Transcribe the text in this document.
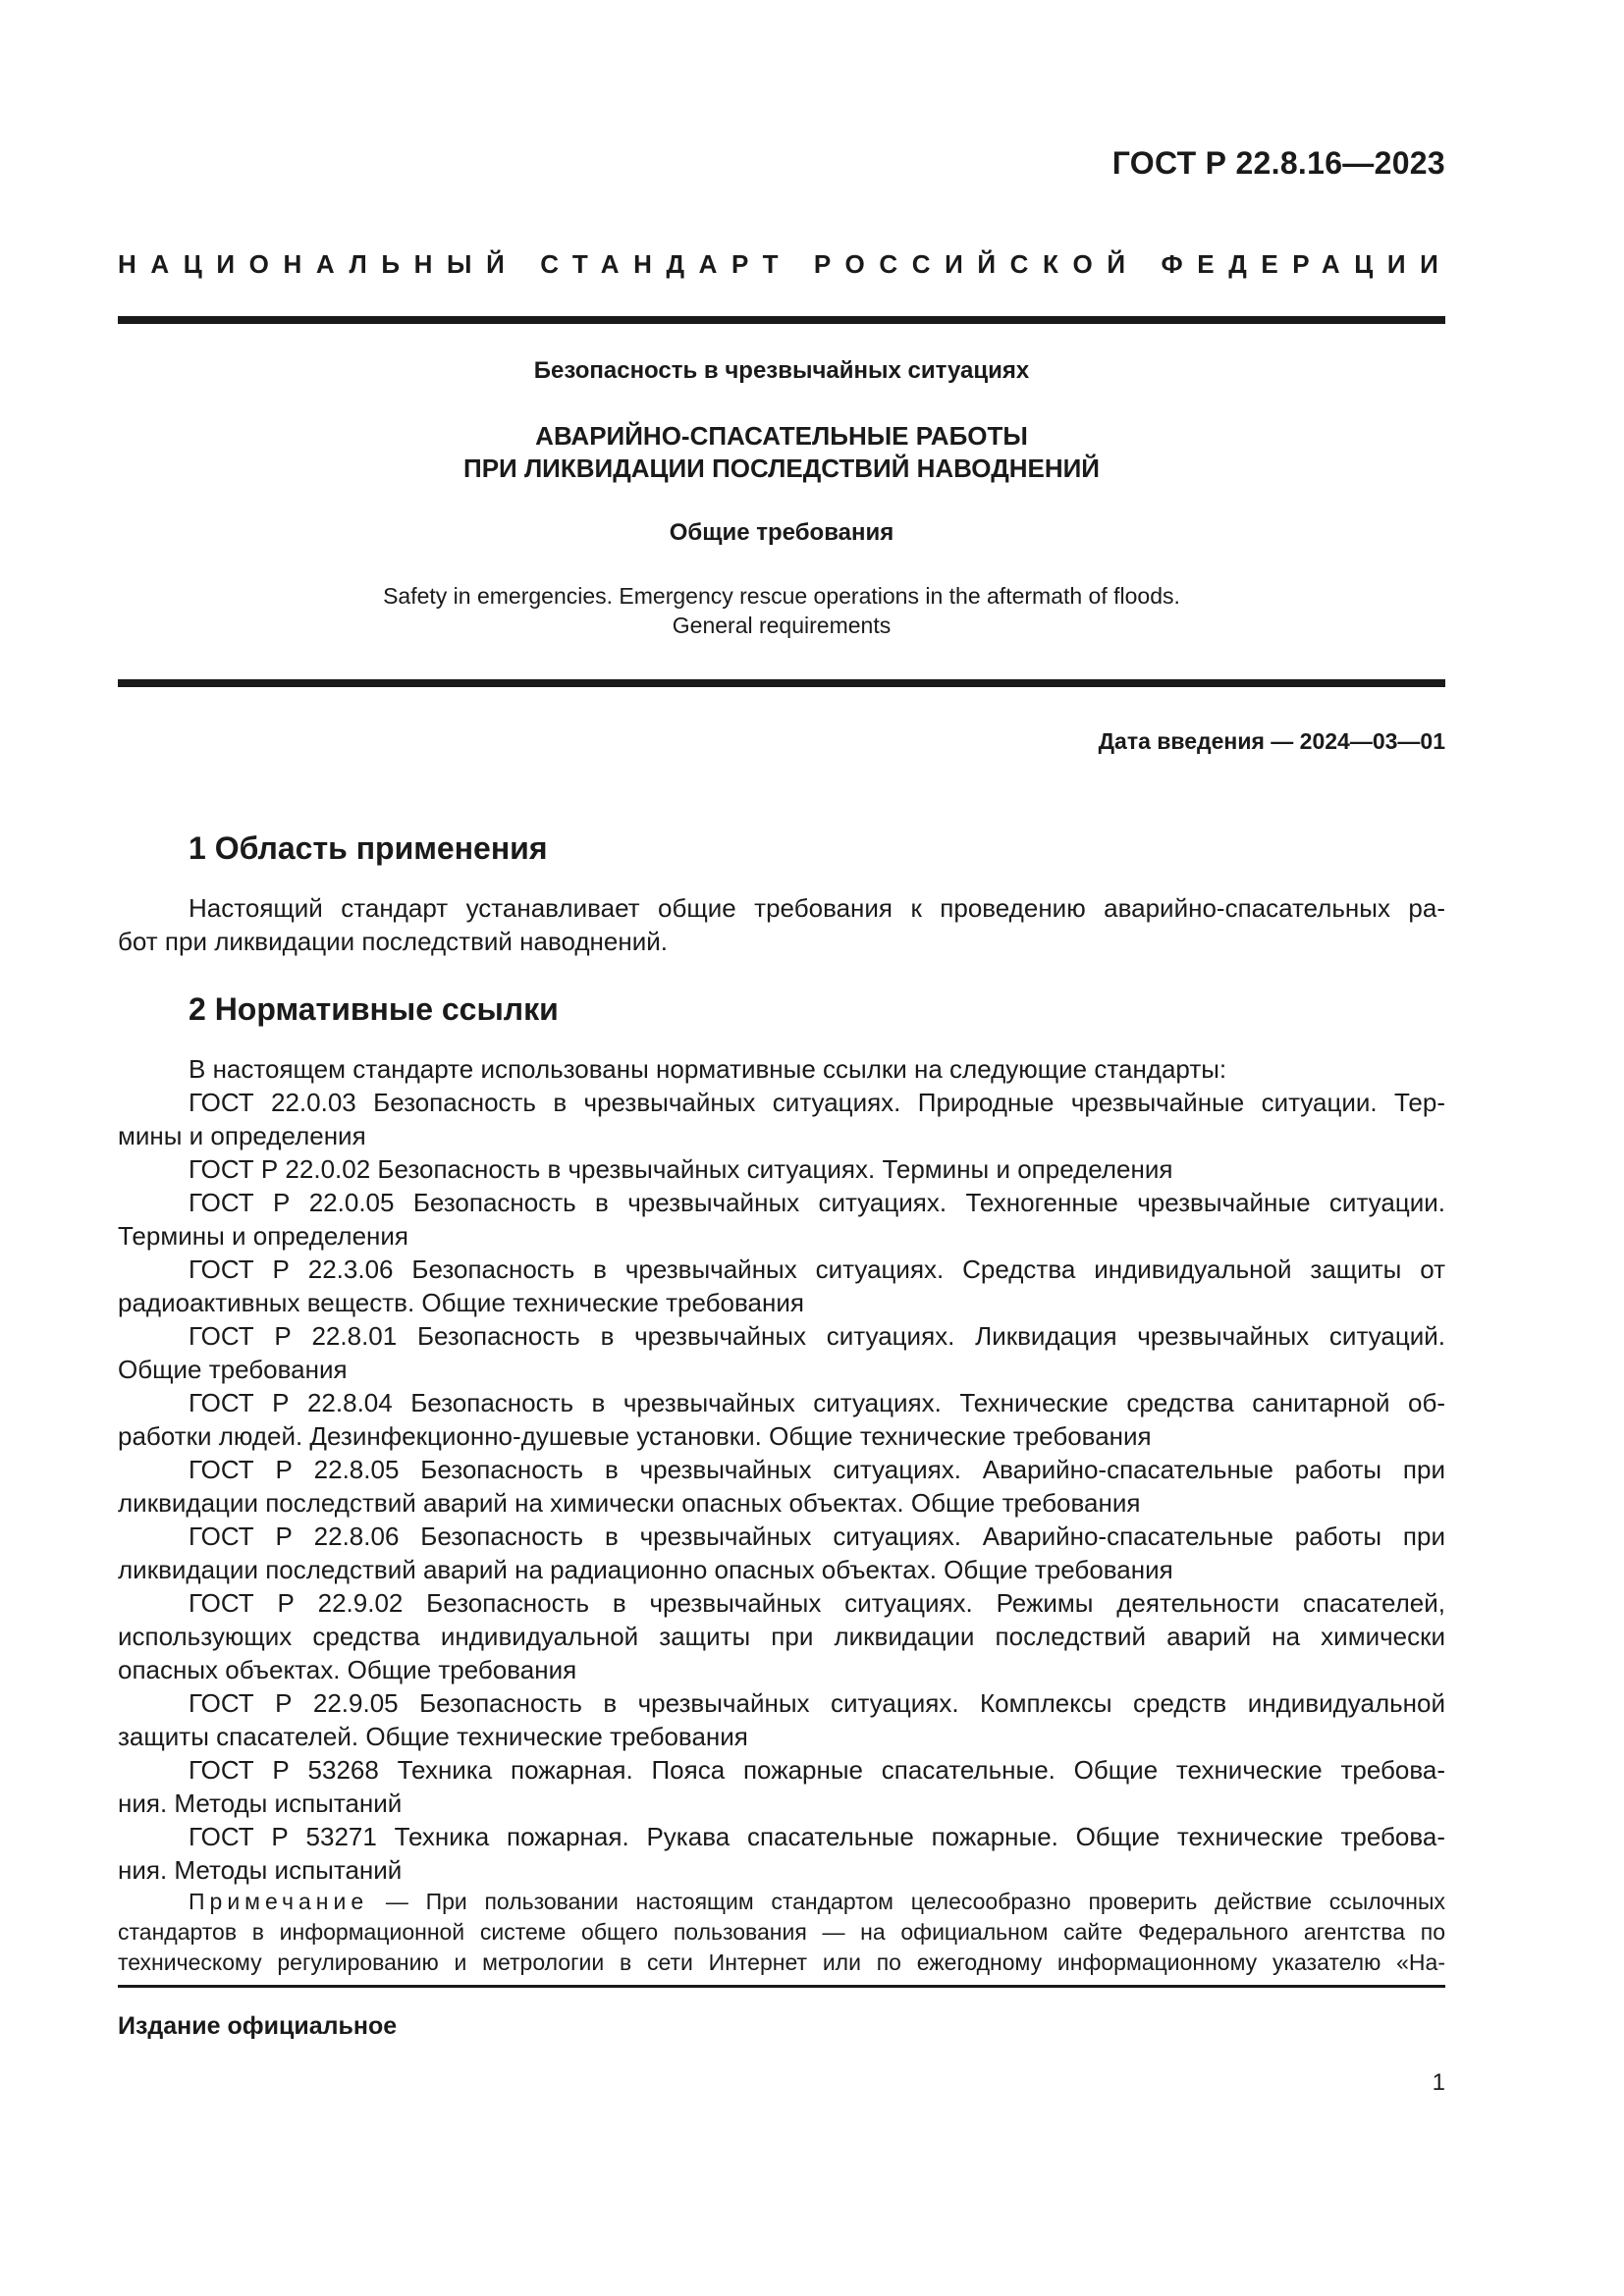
ГОСТ Р 22.8.16—2023
НАЦИОНАЛЬНЫЙ СТАНДАРТ РОССИЙСКОЙ ФЕДЕРАЦИИ
Безопасность в чрезвычайных ситуациях
АВАРИЙНО-СПАСАТЕЛЬНЫЕ РАБОТЫ
ПРИ ЛИКВИДАЦИИ ПОСЛЕДСТВИЙ НАВОДНЕНИЙ
Общие требования
Safety in emergencies. Emergency rescue operations in the aftermath of floods.
General requirements
Дата введения — 2024—03—01
1 Область применения
Настоящий стандарт устанавливает общие требования к проведению аварийно-спасательных ра-
бот при ликвидации последствий наводнений.
2 Нормативные ссылки
В настоящем стандарте использованы нормативные ссылки на следующие стандарты:
ГОСТ 22.0.03 Безопасность в чрезвычайных ситуациях. Природные чрезвычайные ситуации. Тер-
мины и определения
ГОСТ Р 22.0.02 Безопасность в чрезвычайных ситуациях. Термины и определения
ГОСТ Р 22.0.05 Безопасность в чрезвычайных ситуациях. Техногенные чрезвычайные ситуации.
Термины и определения
ГОСТ Р 22.3.06 Безопасность в чрезвычайных ситуациях. Средства индивидуальной защиты от
радиоактивных веществ. Общие технические требования
ГОСТ Р 22.8.01 Безопасность в чрезвычайных ситуациях. Ликвидация чрезвычайных ситуаций.
Общие требования
ГОСТ Р 22.8.04 Безопасность в чрезвычайных ситуациях. Технические средства санитарной об-
работки людей. Дезинфекционно-душевые установки. Общие технические требования
ГОСТ Р 22.8.05 Безопасность в чрезвычайных ситуациях. Аварийно-спасательные работы при
ликвидации последствий аварий на химически опасных объектах. Общие требования
ГОСТ Р 22.8.06 Безопасность в чрезвычайных ситуациях. Аварийно-спасательные работы при
ликвидации последствий аварий на радиационно опасных объектах. Общие требования
ГОСТ Р 22.9.02 Безопасность в чрезвычайных ситуациях. Режимы деятельности спасателей,
использующих средства индивидуальной защиты при ликвидации последствий аварий на химически
опасных объектах. Общие требования
ГОСТ Р 22.9.05 Безопасность в чрезвычайных ситуациях. Комплексы средств индивидуальной
защиты спасателей. Общие технические требования
ГОСТ Р 53268 Техника пожарная. Пояса пожарные спасательные. Общие технические требова-
ния. Методы испытаний
ГОСТ Р 53271 Техника пожарная. Рукава спасательные пожарные. Общие технические требова-
ния. Методы испытаний
Примечание — При пользовании настоящим стандартом целесообразно проверить действие ссылочных
стандартов в информационной системе общего пользования — на официальном сайте Федерального агентства по
техническому регулированию и метрологии в сети Интернет или по ежегодному информационному указателю «На-
Издание официальное
1
